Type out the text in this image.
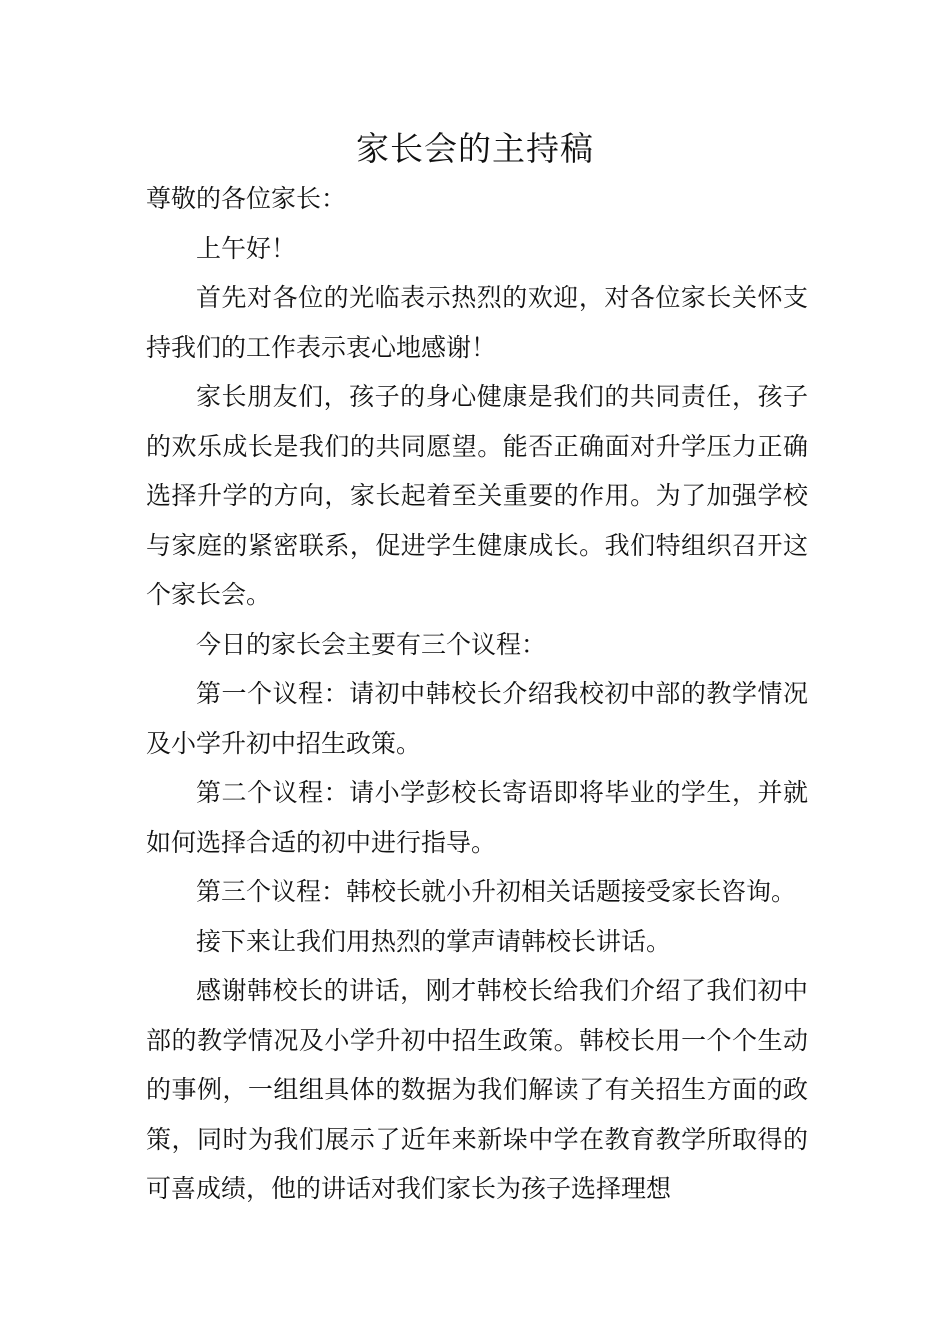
家长会的主持稿

尊敬的各位家长：

上午好！

首先对各位的光临表示热烈的欢迎，对各位家长关怀支持我们的工作表示衷心地感谢！

家长朋友们，孩子的身心健康是我们的共同责任，孩子的欢乐成长是我们的共同愿望。能否正确面对升学压力正确选择升学的方向，家长起着至关重要的作用。为了加强学校与家庭的紧密联系，促进学生健康成长。我们特组织召开这个家长会。

今日的家长会主要有三个议程：

第一个议程：请初中韩校长介绍我校初中部的教学情况及小学升初中招生政策。

第二个议程：请小学彭校长寄语即将毕业的学生，并就如何选择合适的初中进行指导。

第三个议程：韩校长就小升初相关话题接受家长咨询。

接下来让我们用热烈的掌声请韩校长讲话。

感谢韩校长的讲话，刚才韩校长给我们介绍了我们初中部的教学情况及小学升初中招生政策。韩校长用一个个生动的事例，一组组具体的数据为我们解读了有关招生方面的政策，同时为我们展示了近年来新垛中学在教育教学所取得的可喜成绩，他的讲话对我们家长为孩子选择理想
